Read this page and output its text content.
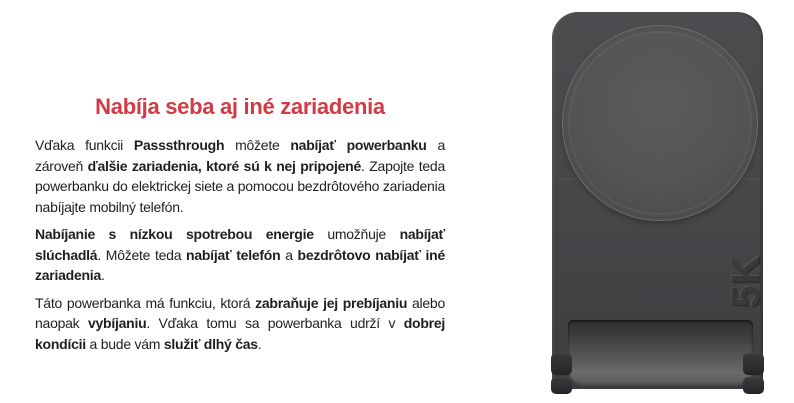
Nabíja seba aj iné zariadenia

Vďaka funkcii Passsthrough môžete nabíjať powerbanku a zároveň ďalšie zariadenia, ktoré sú k nej pripojené. Zapojte teda powerbanku do elektrickej siete a pomocou bezdrôtového zariadenia nabíjajte mobilný telefón.

Nabíjanie s nízkou spotrebou energie umožňuje nabíjať slúchadlá. Môžete teda nabíjať telefón a bezdrôtovo nabíjať iné zariadenia.

Táto powerbanka má funkciu, ktorá zabraňuje jej prebíjaniu alebo naopak vybíjaniu. Vďaka tomu sa powerbanka udrží v dobrej kondícii a bude vám služiť dlhý čas.

5K
